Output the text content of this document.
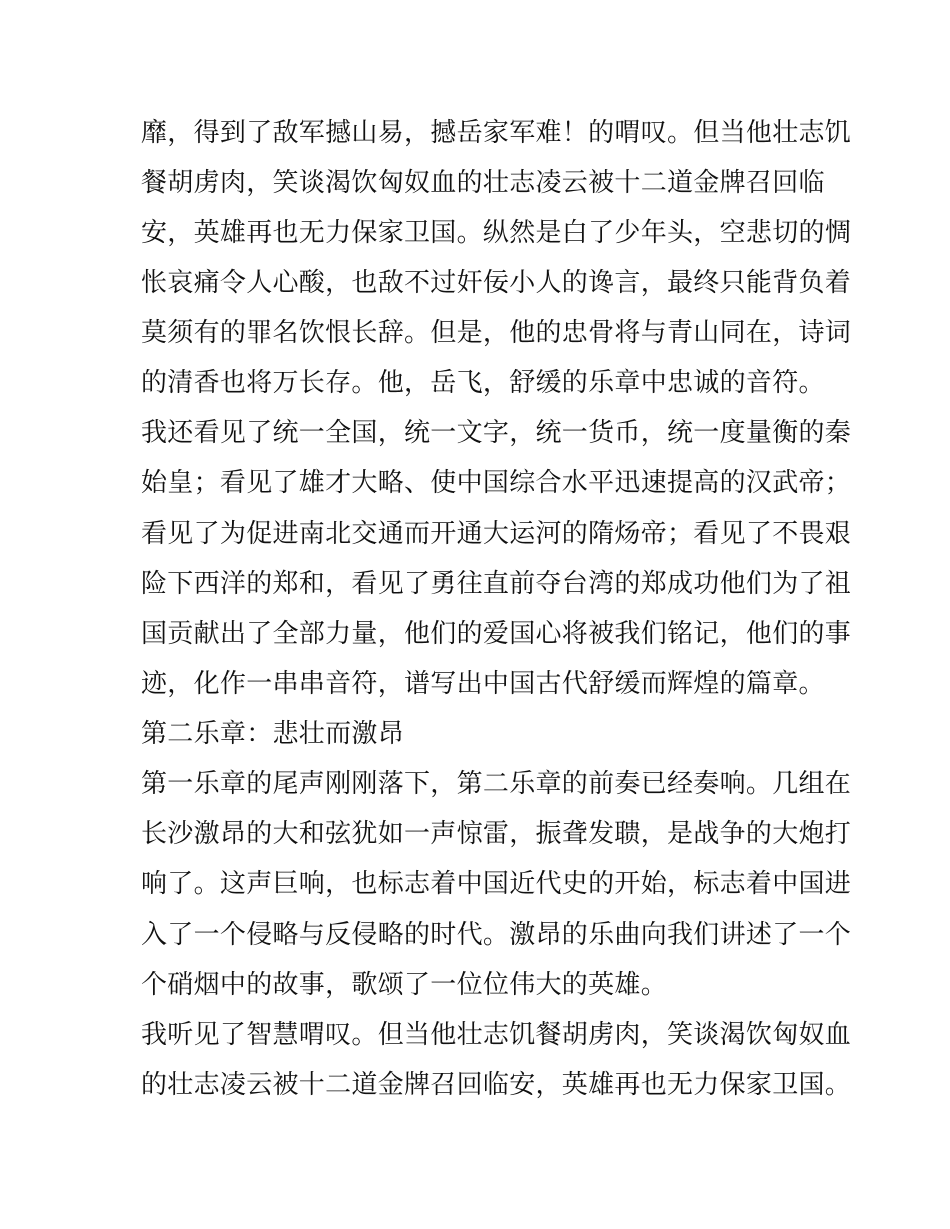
靡，得到了敌军撼山易，撼岳家军难！的喟叹。但当他壮志饥
餐胡虏肉，笑谈渴饮匈奴血的壮志凌云被十二道金牌召回临
安，英雄再也无力保家卫国。纵然是白了少年头，空悲切的惆
怅哀痛令人心酸，也敌不过奸佞小人的谗言，最终只能背负着
莫须有的罪名饮恨长辞。但是，他的忠骨将与青山同在，诗词
的清香也将万长存。他，岳飞，舒缓的乐章中忠诚的音符。
我还看见了统一全国，统一文字，统一货币，统一度量衡的秦
始皇；看见了雄才大略、使中国综合水平迅速提高的汉武帝；
看见了为促进南北交通而开通大运河的隋炀帝；看见了不畏艰
险下西洋的郑和，看见了勇往直前夺台湾的郑成功他们为了祖
国贡献出了全部力量，他们的爱国心将被我们铭记，他们的事
迹，化作一串串音符，谱写出中国古代舒缓而辉煌的篇章。
第二乐章：悲壮而激昂
第一乐章的尾声刚刚落下，第二乐章的前奏已经奏响。几组在
长沙激昂的大和弦犹如一声惊雷，振聋发聩，是战争的大炮打
响了。这声巨响，也标志着中国近代史的开始，标志着中国进
入了一个侵略与反侵略的时代。激昂的乐曲向我们讲述了一个
个硝烟中的故事，歌颂了一位位伟大的英雄。
我听见了智慧喟叹。但当他壮志饥餐胡虏肉，笑谈渴饮匈奴血
的壮志凌云被十二道金牌召回临安，英雄再也无力保家卫国。
